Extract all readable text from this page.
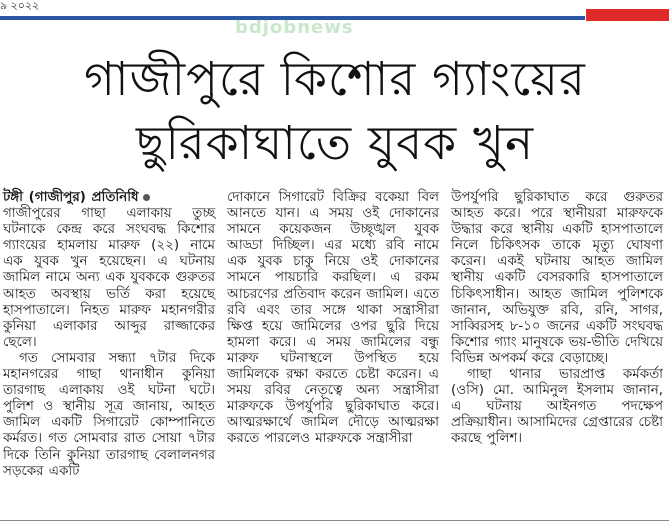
৯ ২০২২
bdjobnews
গাজীপুরে কিশোর গ্যাংয়ের
ছুরিকাঘাতে যুবক খুন
টঙ্গী (গাজীপুর) প্রতিনিধি

গাজীপুরের গাছা এলাকায় তুচ্ছ ঘটনাকে কেন্দ্র করে সংঘবদ্ধ কিশোর গ্যাংয়ের হামলায় মারুফ (২২) নামে এক যুবক খুন হয়েছেন। এ ঘটনায় জামিল নামে অন্য এক যুবককে গুরুতর আহত অবস্থায় ভর্তি করা হয়েছে হাসপাতালে। নিহত মারুফ মহানগরীর কুনিয়া এলাকার আব্দুর রাজ্জাকের ছেলে।

গত সোমবার সন্ধ্যা ৭টার দিকে মহানগরের গাছা থানাধীন কুনিয়া তারগাছ এলাকায় ওই ঘটনা ঘটে। পুলিশ ও স্থানীয় সূত্র জানায়, আহত জামিল একটি সিগারেট কোম্পানিতে কর্মরত। গত সোমবার রাত সোয়া ৭টার দিকে তিনি কুনিয়া তারগাছ বেলালনগর সড়কের একটি

দোকানে সিগারেট বিক্রির বকেয়া বিল আনতে যান। এ সময় ওই দোকানের সামনে কয়েকজন উচ্ছৃঙ্খল যুবক আড্ডা দিচ্ছিল। এর মধ্যে রবি নামে এক যুবক চাকু নিয়ে ওই দোকানের সামনে পায়চারি করছিল। এ রকম আচরণের প্রতিবাদ করেন জামিল। এতে রবি এবং তার সঙ্গে থাকা সন্ত্রাসীরা ক্ষিপ্ত হয়ে জামিলের ওপর ছুরি দিয়ে হামলা করে। এ সময় জামিলের বন্ধু মারুফ ঘটনাস্থলে উপস্থিত হয়ে জামিলকে রক্ষা করতে চেষ্টা করেন। এ সময় রবির নেতৃত্বে অন্য সন্ত্রাসীরা মারুফকে উপর্যুপরি ছুরিকাঘাত করে। আত্মরক্ষার্থে জামিল দৌড়ে আত্মরক্ষা করতে পারলেও মারুফকে সন্ত্রাসীরা

উপর্যুপরি ছুরিকাঘাত করে গুরুতর আহত করে। পরে স্থানীয়রা মারুফকে উদ্ধার করে স্থানীয় একটি হাসপাতালে নিলে চিকিৎসক তাকে মৃত্যু ঘোষণা করেন। একই ঘটনায় আহত জামিল স্থানীয় একটি বেসরকারি হাসপাতালে চিকিৎসাধীন। আহত জামিল পুলিশকে জানান, অভিযুক্ত রবি, রনি, সাগর, সাব্বিরসহ ৮-১০ জনের একটি সংঘবদ্ধ কিশোর গ্যাং মানুষকে ভয়-ভীতি দেখিয়ে বিভিন্ন অপকর্ম করে বেড়াচ্ছে।

গাছা থানার ভারপ্রাপ্ত কর্মকর্তা (ওসি) মো. আমিনুল ইসলাম জানান, এ ঘটনায় আইনগত পদক্ষেপ প্রক্রিয়াধীন। আসামিদের গ্রেপ্তারের চেষ্টা করছে পুলিশ।
